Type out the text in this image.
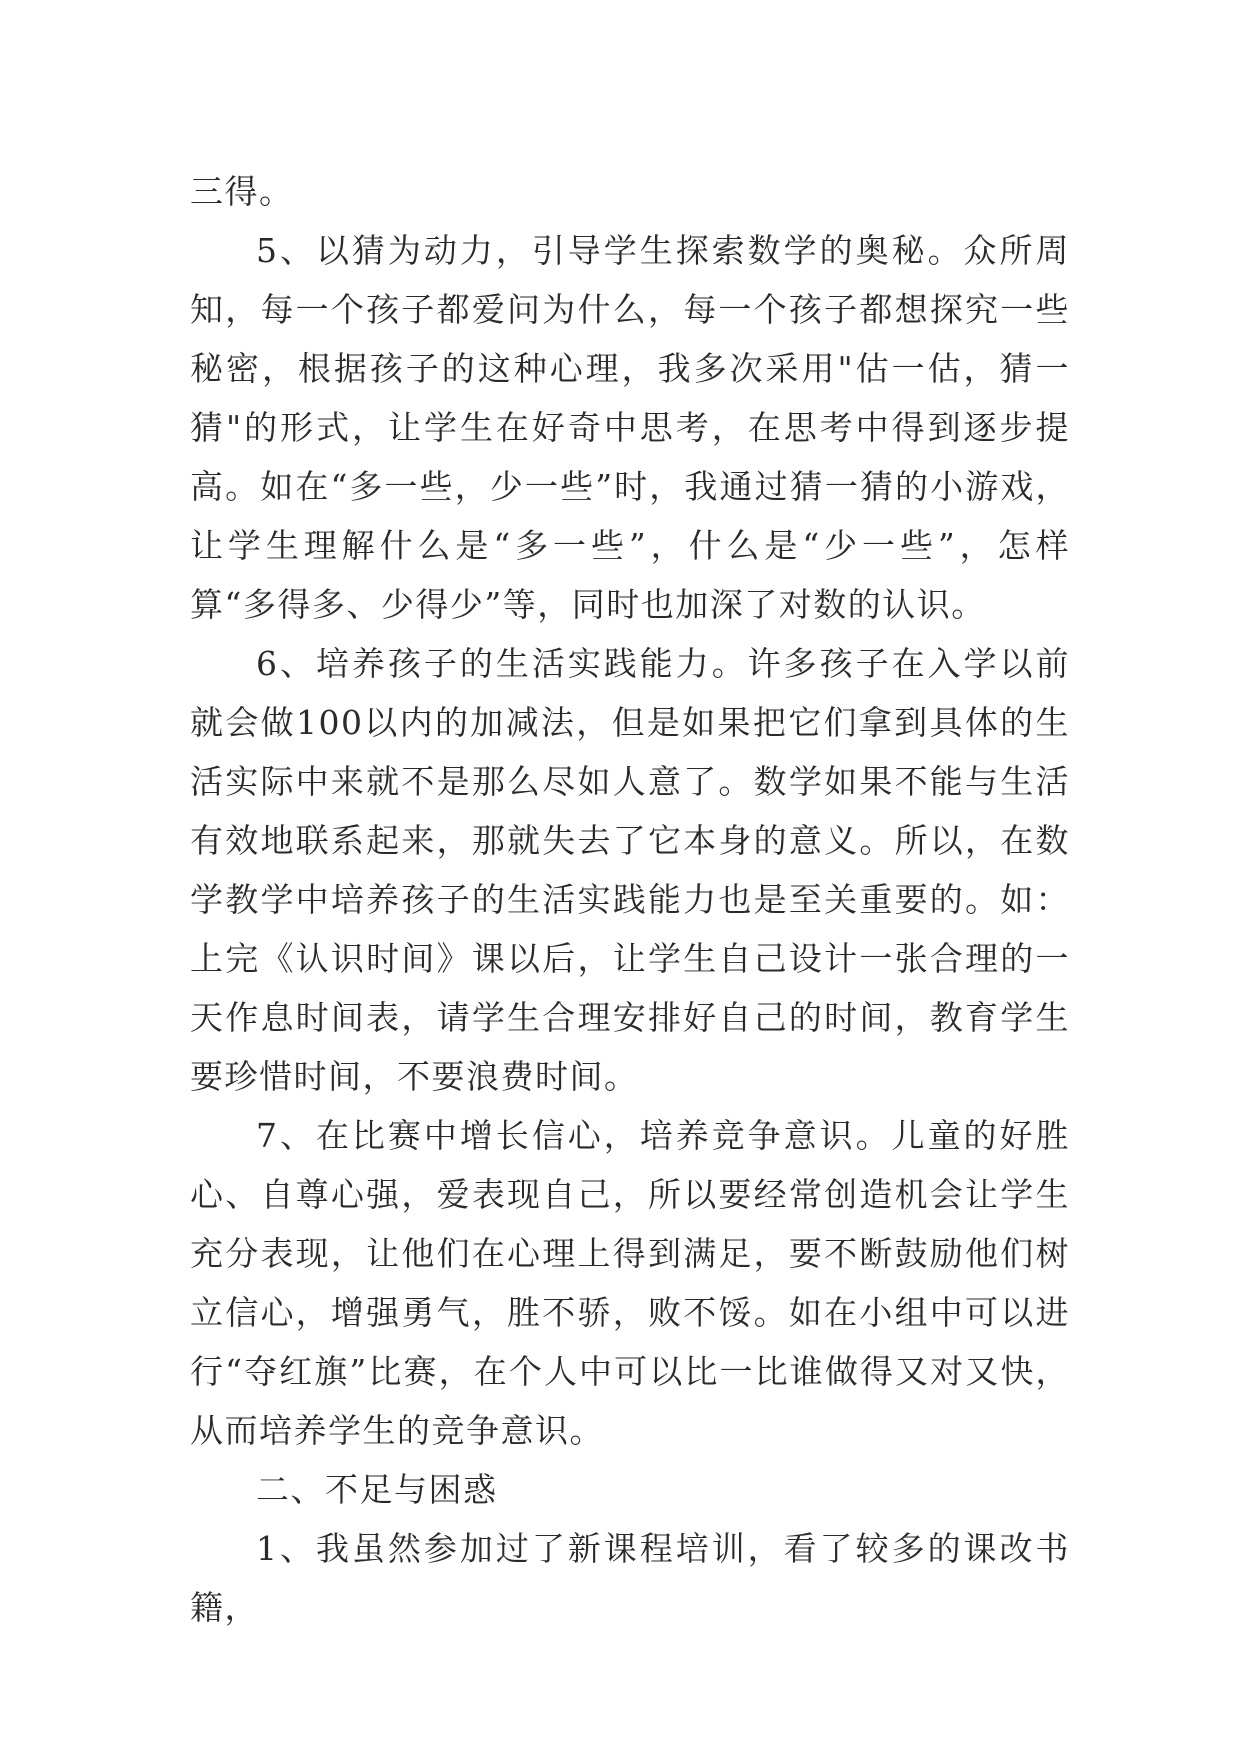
三得。

5、以猜为动力，引导学生探索数学的奥秘。众所周知，每一个孩子都爱问为什么，每一个孩子都想探究一些秘密，根据孩子的这种心理，我多次采用"估一估，猜一猜"的形式，让学生在好奇中思考，在思考中得到逐步提高。如在“多一些，少一些”时，我通过猜一猜的小游戏，让学生理解什么是“多一些”，什么是“少一些”，怎样算“多得多、少得少”等，同时也加深了对数的认识。

6、培养孩子的生活实践能力。许多孩子在入学以前就会做100以内的加减法，但是如果把它们拿到具体的生活实际中来就不是那么尽如人意了。数学如果不能与生活有效地联系起来，那就失去了它本身的意义。所以，在数学教学中培养孩子的生活实践能力也是至关重要的。如：上完《认识时间》课以后，让学生自己设计一张合理的一天作息时间表，请学生合理安排好自己的时间，教育学生要珍惜时间，不要浪费时间。

7、在比赛中增长信心，培养竞争意识。儿童的好胜心、自尊心强，爱表现自己，所以要经常创造机会让学生充分表现，让他们在心理上得到满足，要不断鼓励他们树立信心，增强勇气，胜不骄，败不馁。如在小组中可以进行“夺红旗”比赛，在个人中可以比一比谁做得又对又快，从而培养学生的竞争意识。

二、不足与困惑

1、我虽然参加过了新课程培训，看了较多的课改书籍，
